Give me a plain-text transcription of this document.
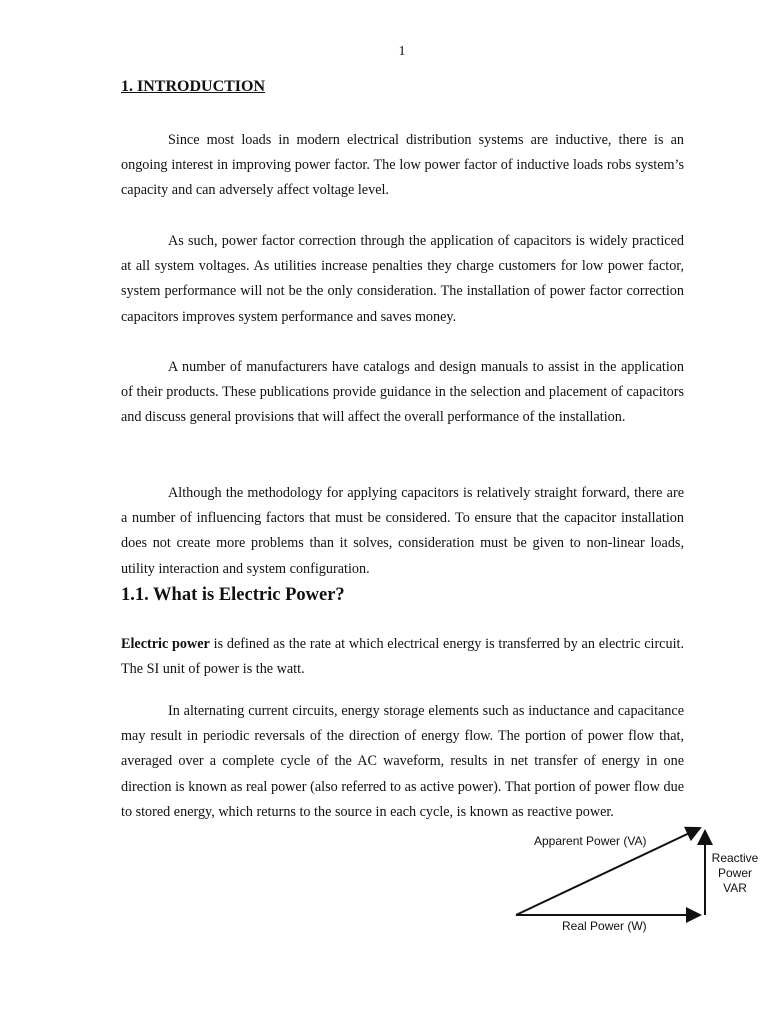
1
1. INTRODUCTION

Since most loads in modern electrical distribution systems are inductive, there is an ongoing interest in improving power factor. The low power factor of inductive loads robs system’s capacity and can adversely affect voltage level.

As such, power factor correction through the application of capacitors is widely practiced at all system voltages. As utilities increase penalties they charge customers for low power factor, system performance will not be the only consideration. The installation of power factor correction capacitors improves system performance and saves money.

A number of manufacturers have catalogs and design manuals to assist in the application of their products. These publications provide guidance in the selection and placement of capacitors and discuss general provisions that will affect the overall performance of the installation.

Although the methodology for applying capacitors is relatively straight forward, there are a number of influencing factors that must be considered. To ensure that the capacitor installation does not create more problems than it solves, consideration must be given to non-linear loads, utility interaction and system configuration.

1.1. What is Electric Power?

Electric power is defined as the rate at which electrical energy is transferred by an electric circuit. The SI unit of power is the watt.

In alternating current circuits, energy storage elements such as inductance and capacitance may result in periodic reversals of the direction of energy flow. The portion of power flow that, averaged over a complete cycle of the AC waveform, results in net transfer of energy in one direction is known as real power (also referred to as active power). That portion of power flow due to stored energy, which returns to the source in each cycle, is known as reactive power.

Apparent Power (VA)
Reactive
Power
VAR
Real Power (W)
